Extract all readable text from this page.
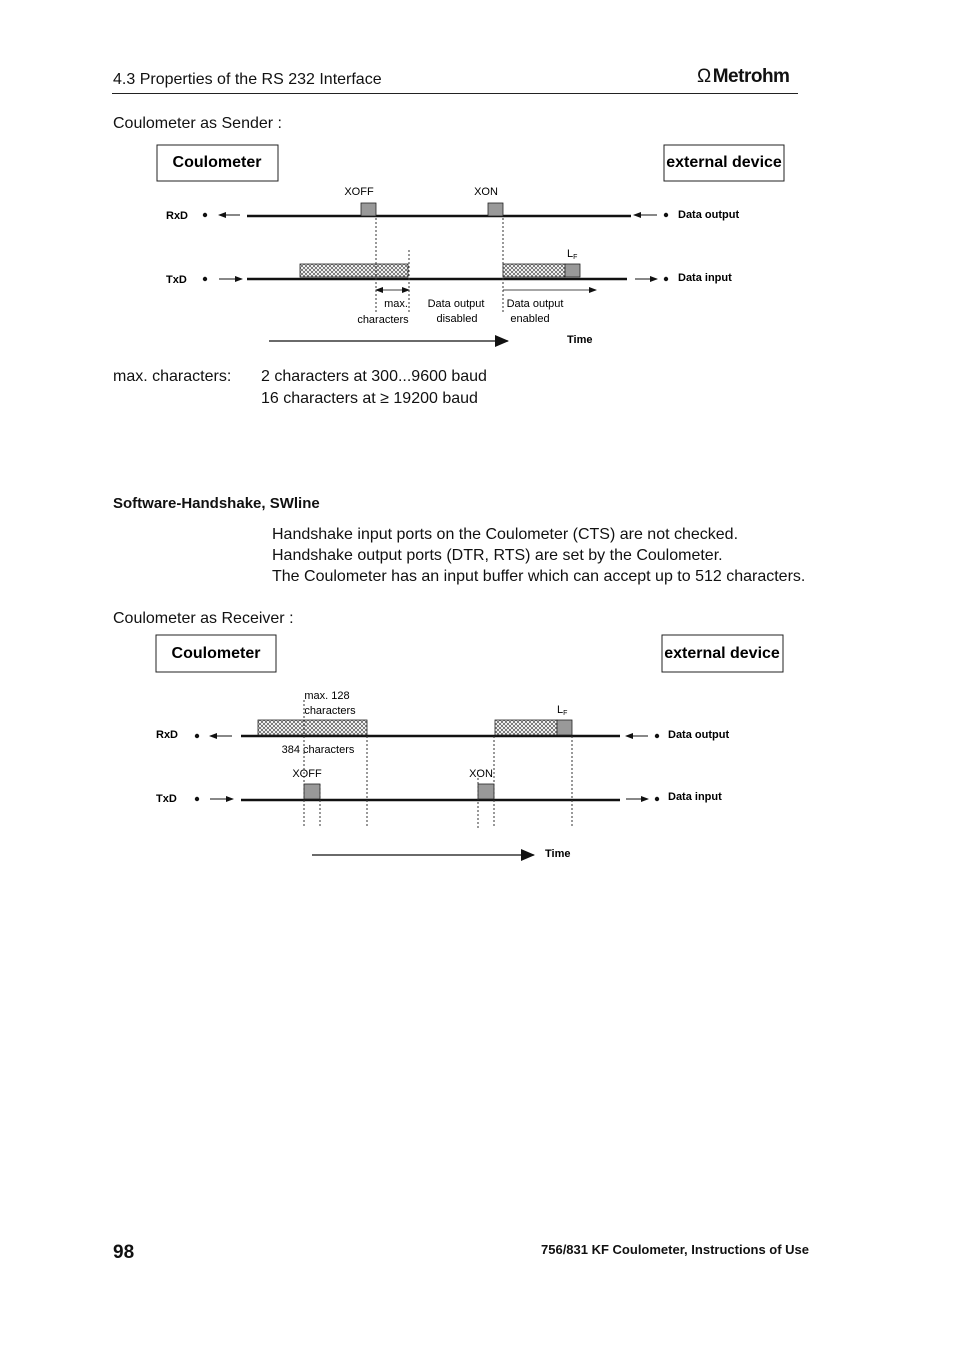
4.3 Properties of the RS 232 Interface	Ω Metrohm
Coulometer as Sender :
max. characters: 2 characters at 300...9600 baud
16 characters at ≥ 19200 baud
Software-Handshake, SWline
Handshake input ports on the Coulometer (CTS) are not checked.
Handshake output ports (DTR, RTS) are set by the Coulometer.
The Coulometer has an input buffer which can accept up to 512 characters.
Coulometer as Receiver :
98	756/831 KF Coulometer, Instructions of Use
Coulometer	external device
RxD
XOFF	XON
Data output
TxD
LF
Data input
max.
characters
Data output
disabled
Data output
enabled
Time
Coulometer	external device
max. 128
characters	LF
RxD	Data output
384 characters
XOFF	XON
TxD	Data input
Time
